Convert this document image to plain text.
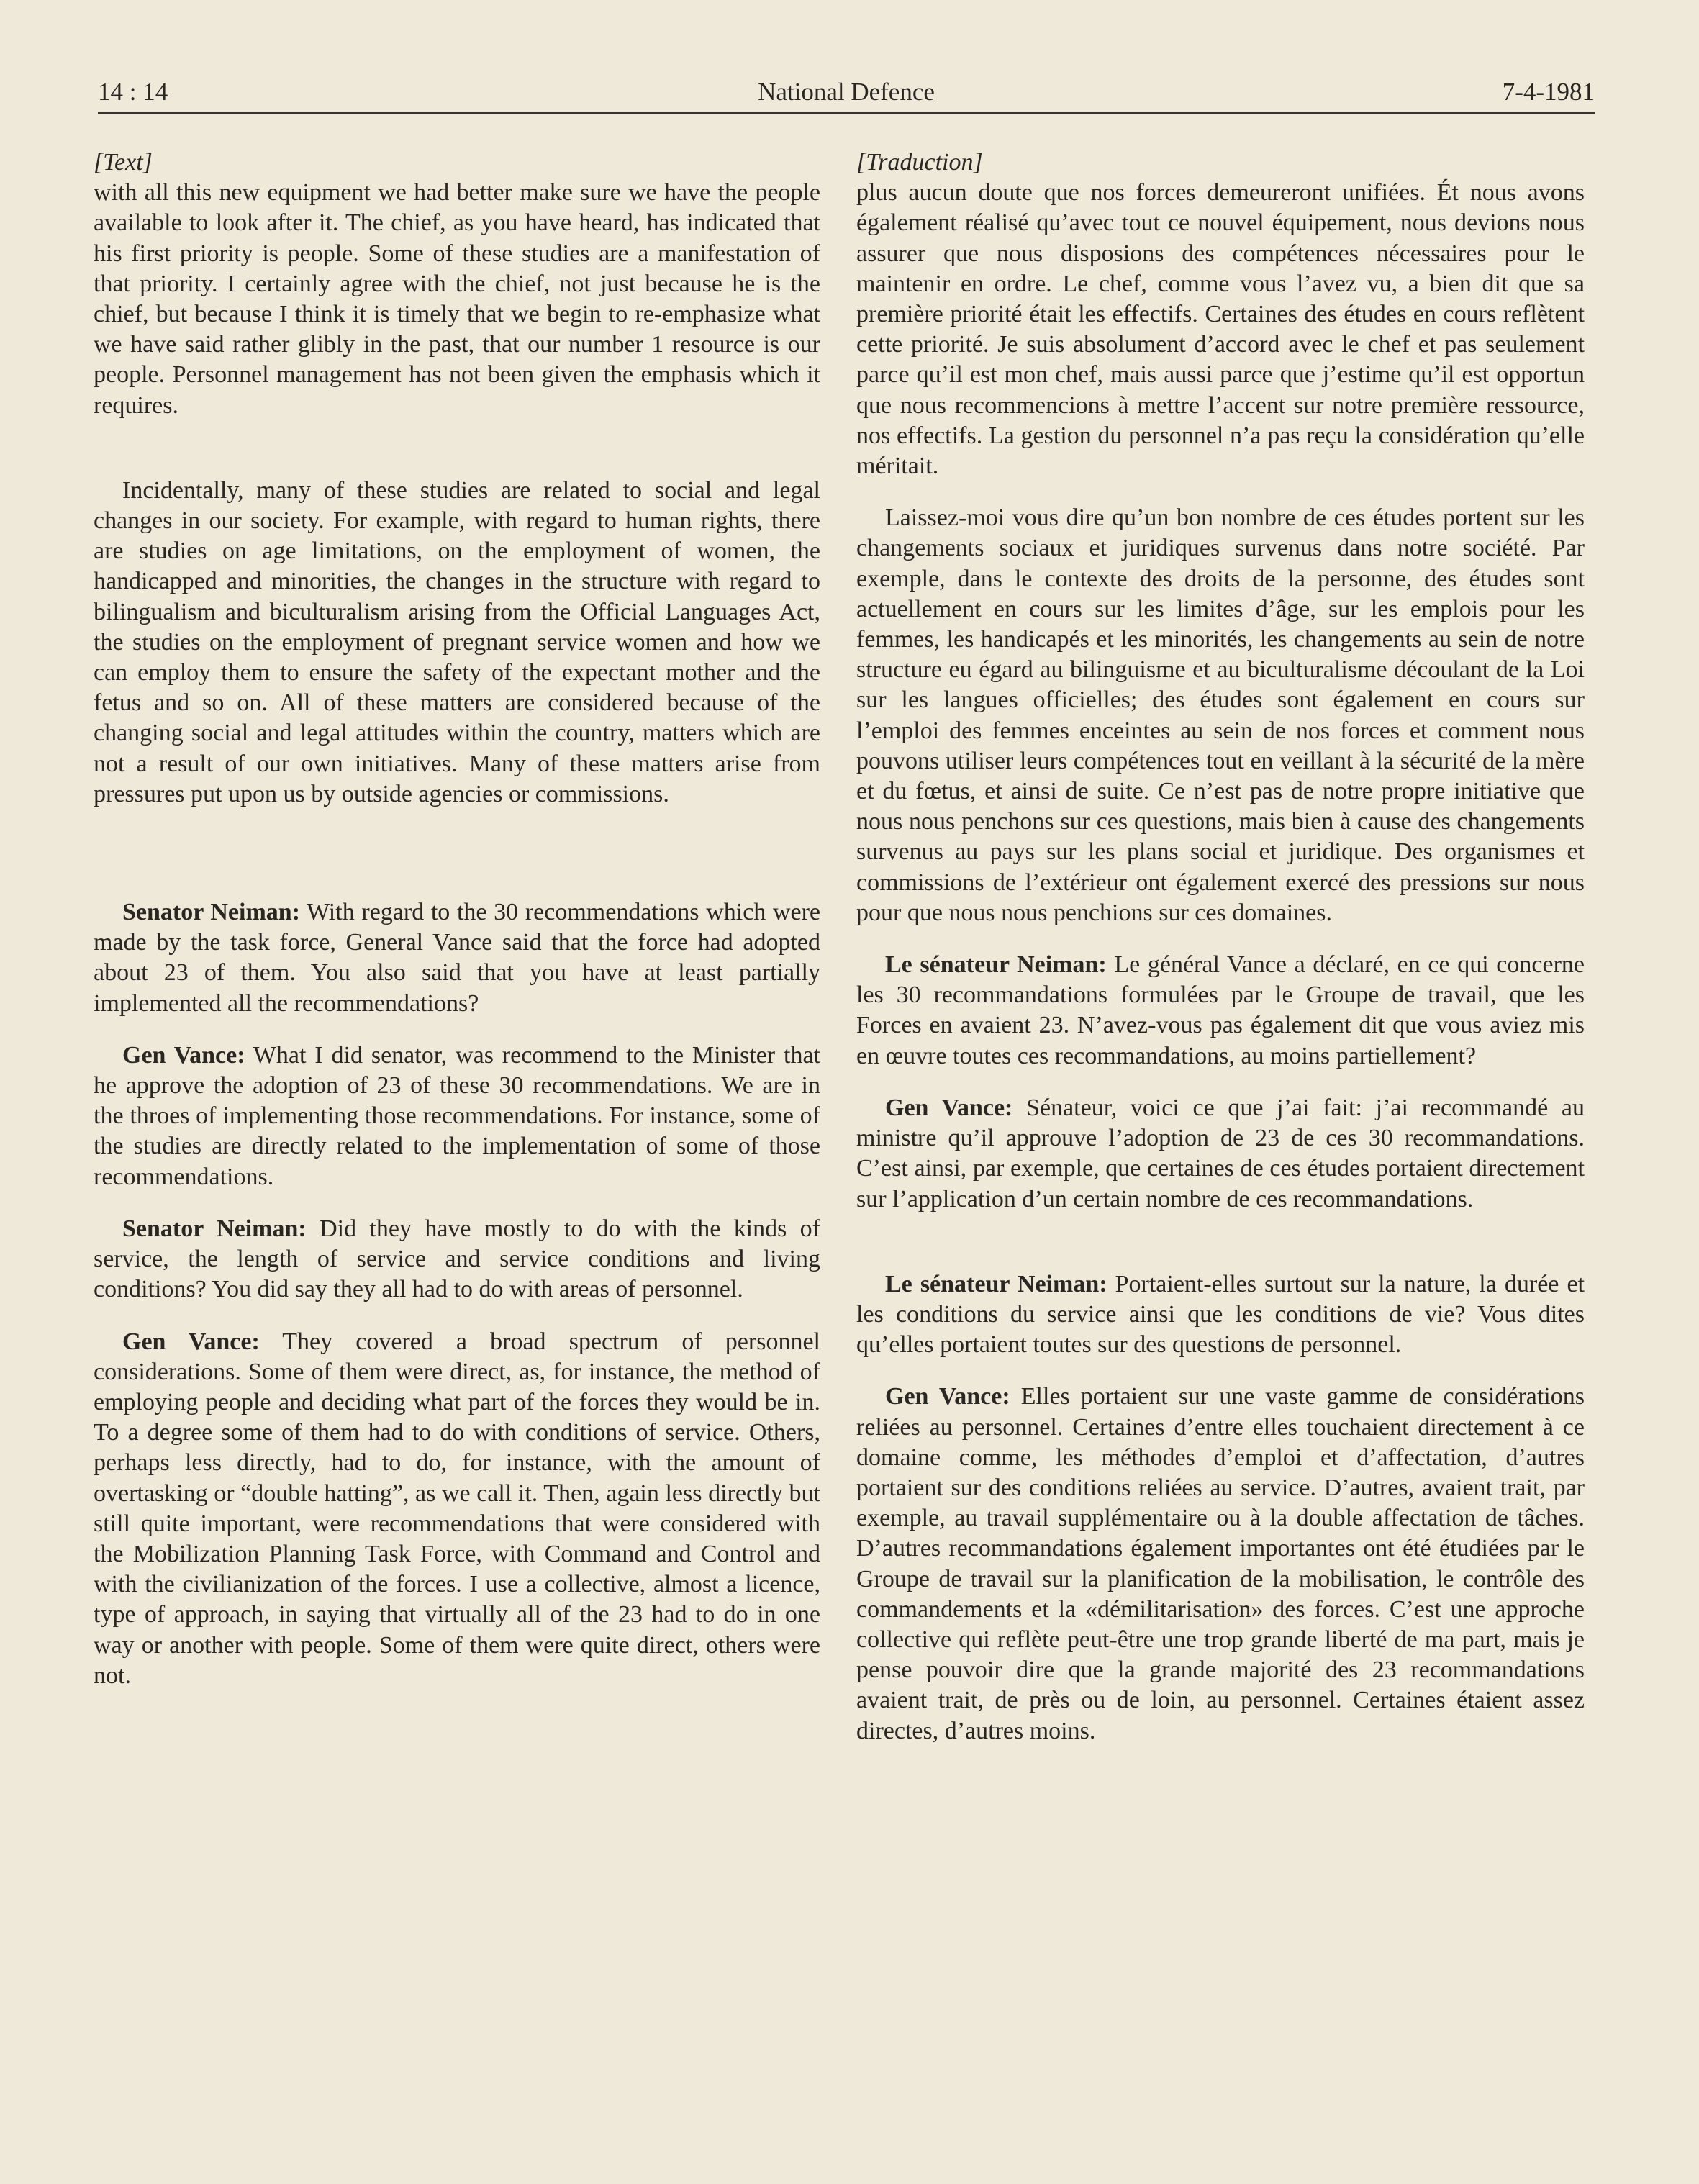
14 : 14	National Defence	7-4-1981

[Text]

with all this new equipment we had better make sure we have the people available to look after it. The chief, as you have heard, has indicated that his first priority is people. Some of these studies are a manifestation of that priority. I certainly agree with the chief, not just because he is the chief, but because I think it is timely that we begin to re-emphasize what we have said rather glibly in the past, that our number 1 resource is our people. Personnel management has not been given the emphasis which it requires.

Incidentally, many of these studies are related to social and legal changes in our society. For example, with regard to human rights, there are studies on age limitations, on the employment of women, the handicapped and minorities, the changes in the structure with regard to bilingualism and biculturalism arising from the Official Languages Act, the studies on the employment of pregnant service women and how we can employ them to ensure the safety of the expectant mother and the fetus and so on. All of these matters are considered because of the changing social and legal attitudes within the country, matters which are not a result of our own initiatives. Many of these matters arise from pressures put upon us by outside agencies or commissions.

Senator Neiman: With regard to the 30 recommendations which were made by the task force, General Vance said that the force had adopted about 23 of them. You also said that you have at least partially implemented all the recommendations?

Gen Vance: What I did senator, was recommend to the Minister that he approve the adoption of 23 of these 30 recommendations. We are in the throes of implementing those recommendations. For instance, some of the studies are directly related to the implementation of some of those recommendations.

Senator Neiman: Did they have mostly to do with the kinds of service, the length of service and service conditions and living conditions? You did say they all had to do with areas of personnel.

Gen Vance: They covered a broad spectrum of personnel considerations. Some of them were direct, as, for instance, the method of employing people and deciding what part of the forces they would be in. To a degree some of them had to do with conditions of service. Others, perhaps less directly, had to do, for instance, with the amount of overtasking or “double hatting”, as we call it. Then, again less directly but still quite important, were recommendations that were considered with the Mobilization Planning Task Force, with Command and Control and with the civilianization of the forces. I use a collective, almost a licence, type of approach, in saying that virtually all of the 23 had to do in one way or another with people. Some of them were quite direct, others were not.

[Traduction]

plus aucun doute que nos forces demeureront unifiées. Ét nous avons également réalisé qu’avec tout ce nouvel équipement, nous devions nous assurer que nous disposions des compétences nécessaires pour le maintenir en ordre. Le chef, comme vous l’avez vu, a bien dit que sa première priorité était les effectifs. Certaines des études en cours reflètent cette priorité. Je suis absolument d’accord avec le chef et pas seulement parce qu’il est mon chef, mais aussi parce que j’estime qu’il est opportun que nous recommencions à mettre l’accent sur notre première ressource, nos effectifs. La gestion du personnel n’a pas reçu la considération qu’elle méritait.

Laissez-moi vous dire qu’un bon nombre de ces études portent sur les changements sociaux et juridiques survenus dans notre société. Par exemple, dans le contexte des droits de la personne, des études sont actuellement en cours sur les limites d’âge, sur les emplois pour les femmes, les handicapés et les minorités, les changements au sein de notre structure eu égard au bilinguisme et au biculturalisme découlant de la Loi sur les langues officielles; des études sont également en cours sur l’emploi des femmes enceintes au sein de nos forces et comment nous pouvons utiliser leurs compétences tout en veillant à la sécurité de la mère et du fœtus, et ainsi de suite. Ce n’est pas de notre propre initiative que nous nous penchons sur ces questions, mais bien à cause des changements survenus au pays sur les plans social et juridique. Des organismes et commissions de l’extérieur ont également exercé des pressions sur nous pour que nous nous penchions sur ces domaines.

Le sénateur Neiman: Le général Vance a déclaré, en ce qui concerne les 30 recommandations formulées par le Groupe de travail, que les Forces en avaient 23. N’avez-vous pas également dit que vous aviez mis en œuvre toutes ces recommandations, au moins partiellement?

Gen Vance: Sénateur, voici ce que j’ai fait: j’ai recommandé au ministre qu’il approuve l’adoption de 23 de ces 30 recommandations. C’est ainsi, par exemple, que certaines de ces études portaient directement sur l’application d’un certain nombre de ces recommandations.

Le sénateur Neiman: Portaient-elles surtout sur la nature, la durée et les conditions du service ainsi que les conditions de vie? Vous dites qu’elles portaient toutes sur des questions de personnel.

Gen Vance: Elles portaient sur une vaste gamme de considérations reliées au personnel. Certaines d’entre elles touchaient directement à ce domaine comme, les méthodes d’emploi et d’affectation, d’autres portaient sur des conditions reliées au service. D’autres, avaient trait, par exemple, au travail supplémentaire ou à la double affectation de tâches. D’autres recommandations également importantes ont été étudiées par le Groupe de travail sur la planification de la mobilisation, le contrôle des commandements et la «démilitarisation» des forces. C’est une approche collective qui reflète peut-être une trop grande liberté de ma part, mais je pense pouvoir dire que la grande majorité des 23 recommandations avaient trait, de près ou de loin, au personnel. Certaines étaient assez directes, d’autres moins.
